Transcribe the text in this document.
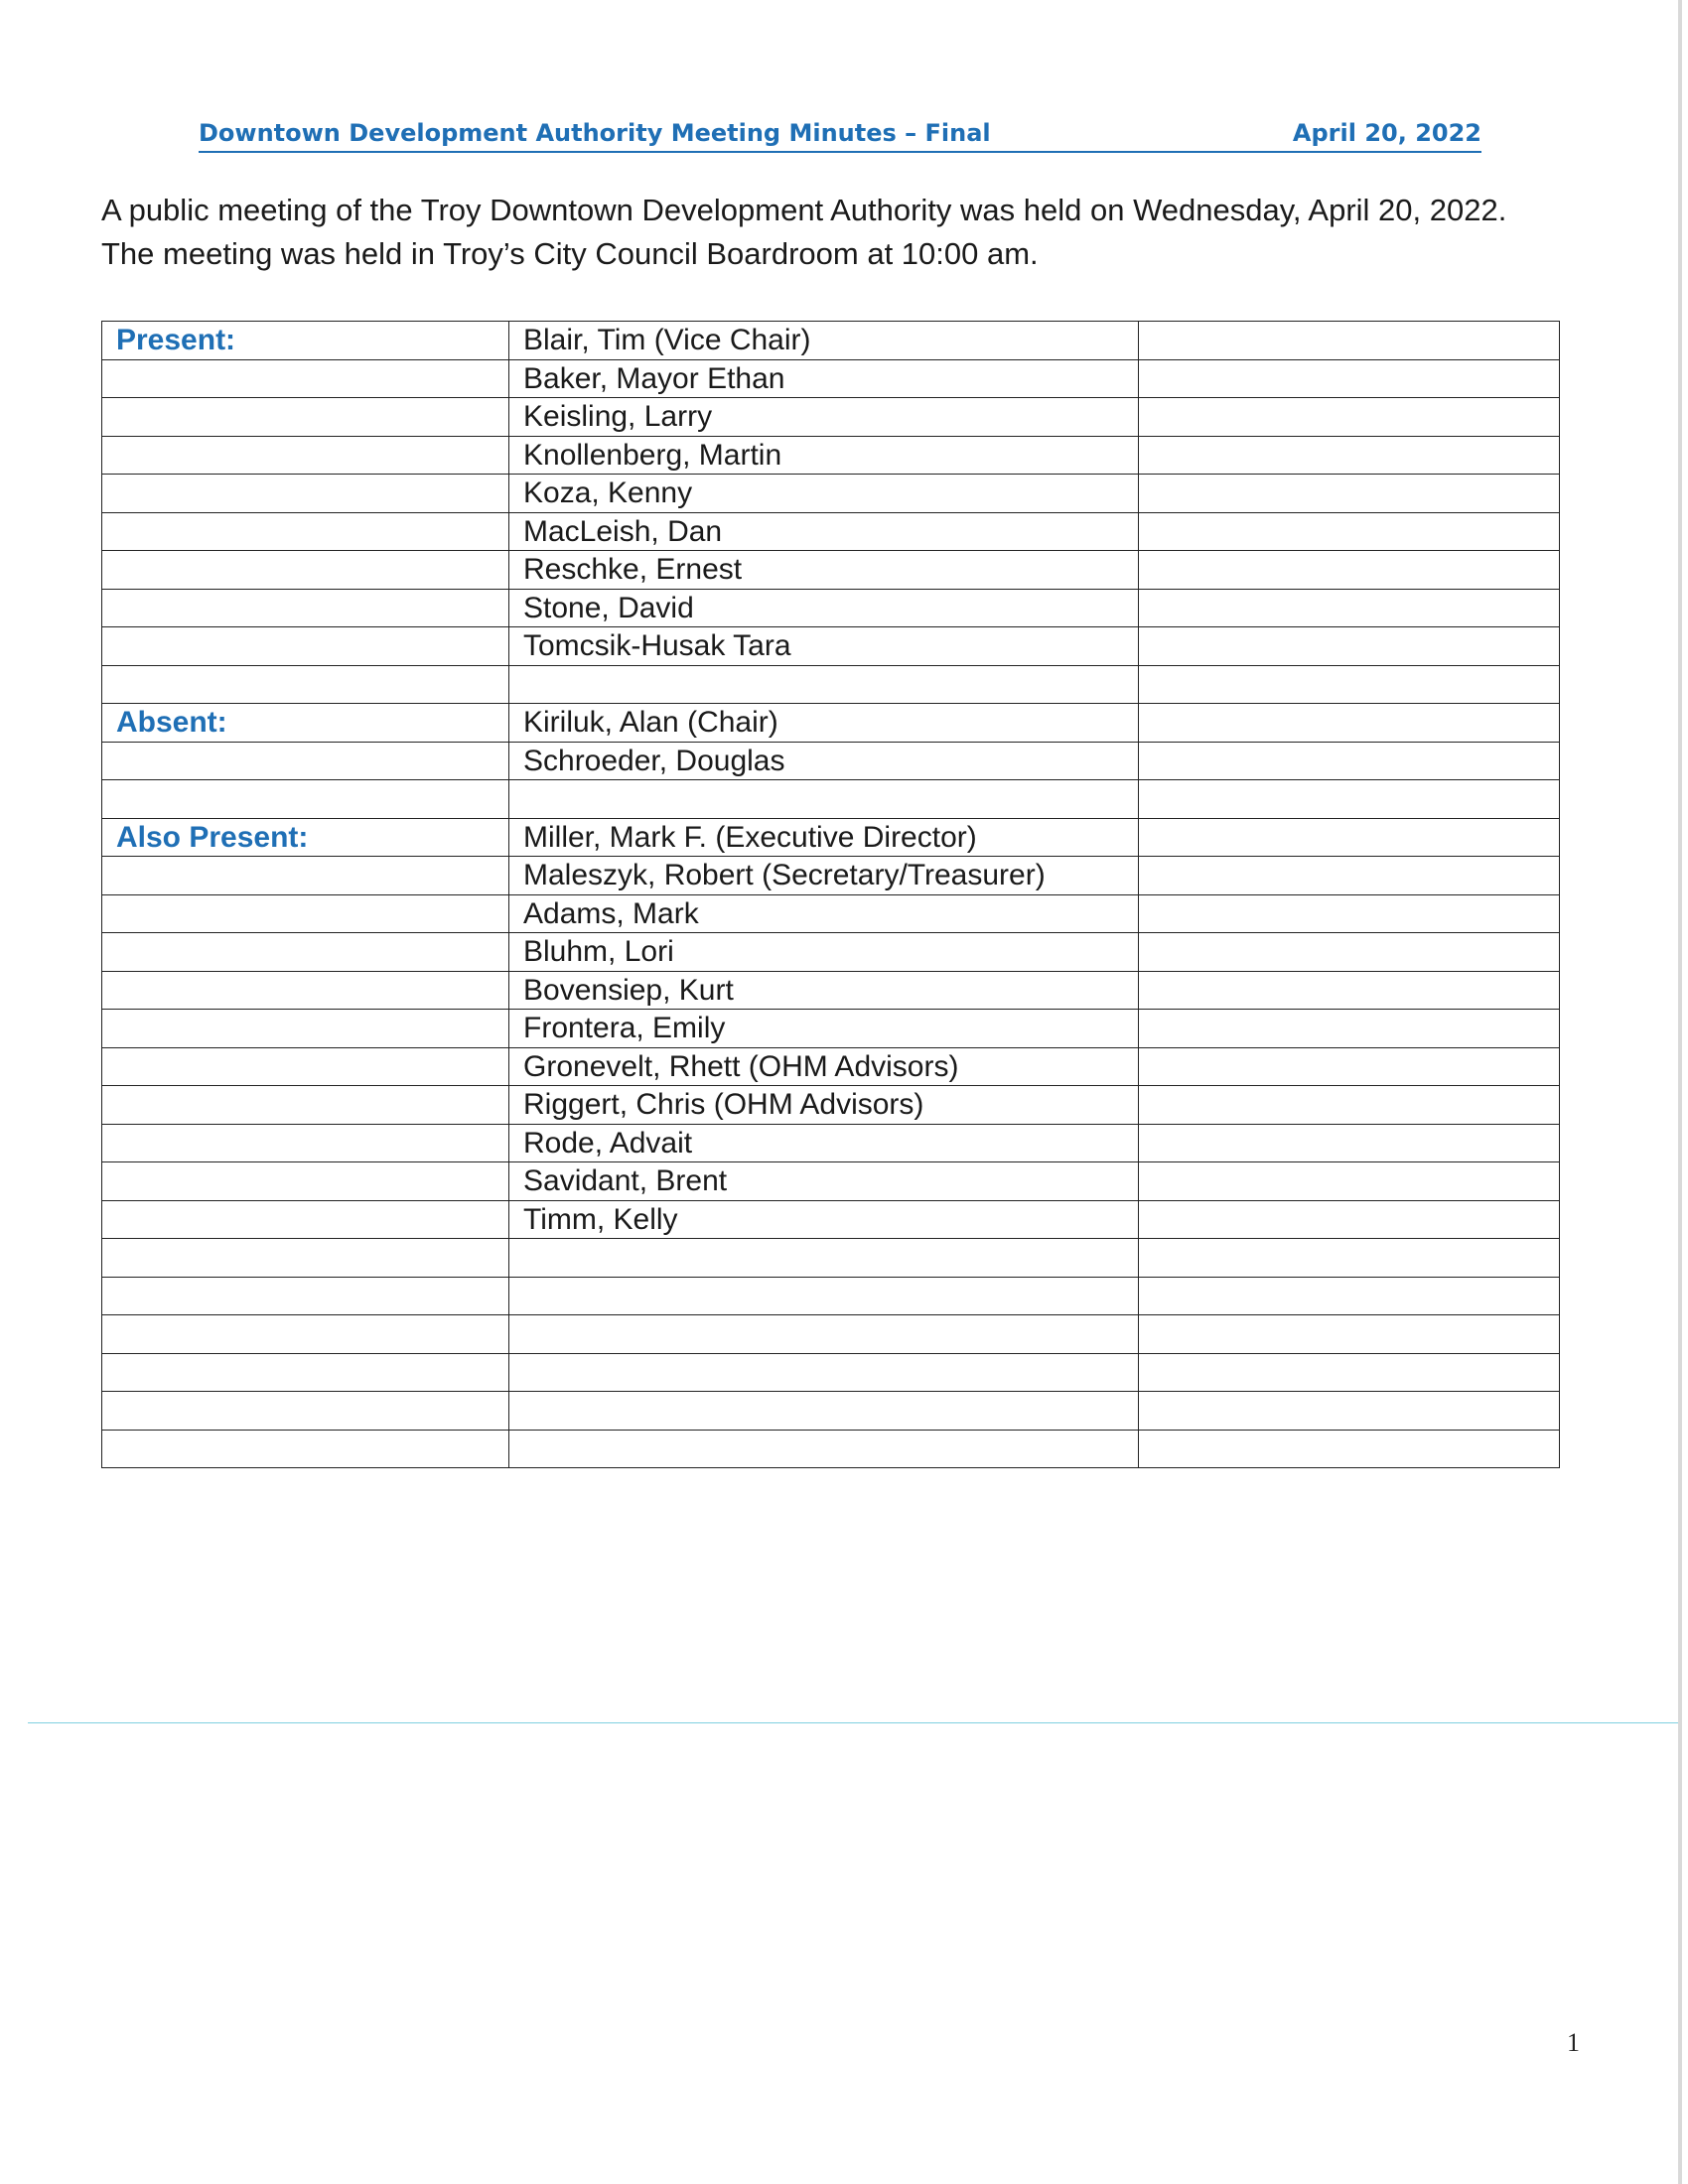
Downtown Development Authority Meeting Minutes – Final	April 20, 2022
A public meeting of the Troy Downtown Development Authority was held on Wednesday, April 20, 2022. The meeting was held in Troy’s City Council Boardroom at 10:00 am.
Present:	Blair, Tim (Vice Chair)	
	Baker, Mayor Ethan	
	Keisling, Larry	
	Knollenberg, Martin	
	Koza, Kenny	
	MacLeish, Dan	
	Reschke, Ernest	
	Stone, David	
	Tomcsik-Husak Tara	

Absent:	Kiriluk, Alan (Chair)	
	Schroeder, Douglas	

Also Present:	Miller, Mark F. (Executive Director)	
	Maleszyk, Robert (Secretary/Treasurer)	
	Adams, Mark	
	Bluhm, Lori	
	Bovensiep, Kurt	
	Frontera, Emily	
	Gronevelt, Rhett (OHM Advisors)	
	Riggert, Chris (OHM Advisors)	
	Rode, Advait	
	Savidant, Brent	
	Timm, Kelly	

1
